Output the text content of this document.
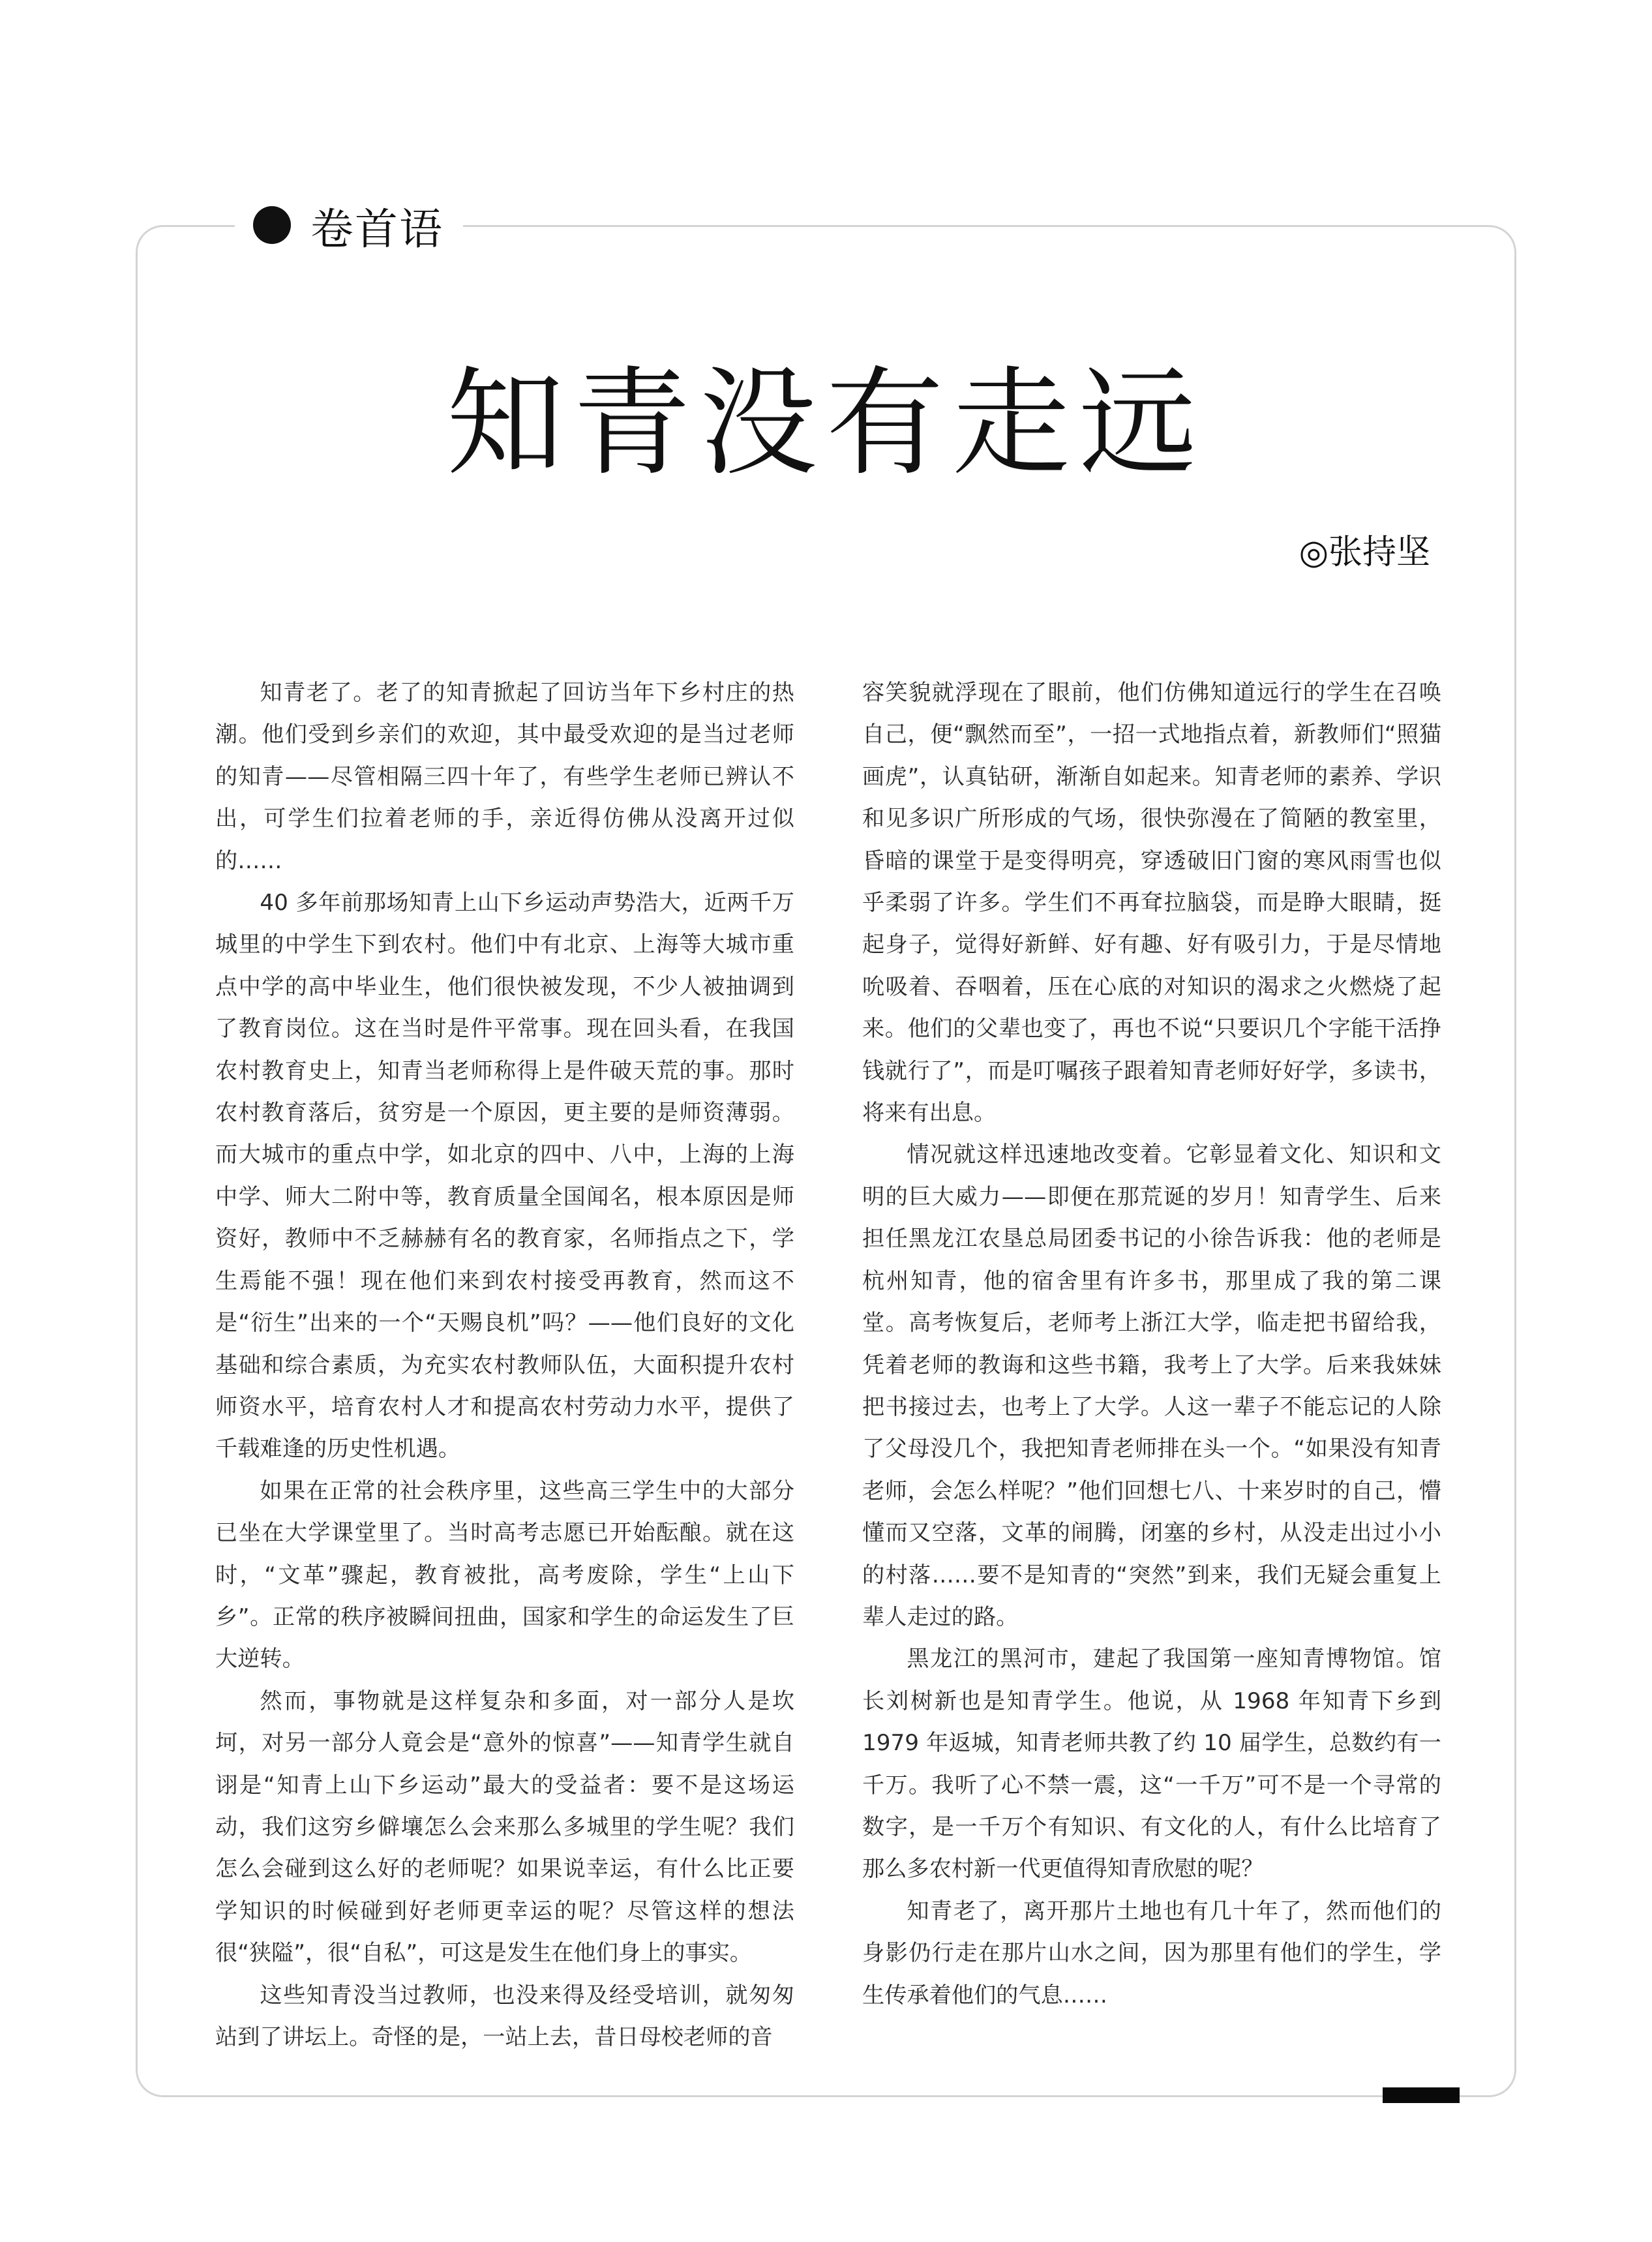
卷首语
知青没有走远
◎张持坚

知青老了。老了的知青掀起了回访当年下乡村庄的热潮。他们受到乡亲们的欢迎，其中最受欢迎的是当过老师的知青——尽管相隔三四十年了，有些学生老师已辨认不出，可学生们拉着老师的手，亲近得仿佛从没离开过似的……

40 多年前那场知青上山下乡运动声势浩大，近两千万城里的中学生下到农村。他们中有北京、上海等大城市重点中学的高中毕业生，他们很快被发现，不少人被抽调到了教育岗位。这在当时是件平常事。现在回头看，在我国农村教育史上，知青当老师称得上是件破天荒的事。那时农村教育落后，贫穷是一个原因，更主要的是师资薄弱。而大城市的重点中学，如北京的四中、八中，上海的上海中学、师大二附中等，教育质量全国闻名，根本原因是师资好，教师中不乏赫赫有名的教育家，名师指点之下，学生焉能不强！现在他们来到农村接受再教育，然而这不是“衍生”出来的一个“天赐良机”吗？——他们良好的文化基础和综合素质，为充实农村教师队伍，大面积提升农村师资水平，培育农村人才和提高农村劳动力水平，提供了千载难逢的历史性机遇。

如果在正常的社会秩序里，这些高三学生中的大部分已坐在大学课堂里了。当时高考志愿已开始酝酿。就在这时，“文革”骤起，教育被批，高考废除，学生“上山下乡”。正常的秩序被瞬间扭曲，国家和学生的命运发生了巨大逆转。

然而，事物就是这样复杂和多面，对一部分人是坎坷，对另一部分人竟会是“意外的惊喜”——知青学生就自诩是“知青上山下乡运动”最大的受益者：要不是这场运动，我们这穷乡僻壤怎么会来那么多城里的学生呢？我们怎么会碰到这么好的老师呢？如果说幸运，有什么比正要学知识的时候碰到好老师更幸运的呢？尽管这样的想法很“狭隘”，很“自私”，可这是发生在他们身上的事实。

这些知青没当过教师，也没来得及经受培训，就匆匆站到了讲坛上。奇怪的是，一站上去，昔日母校老师的音

容笑貌就浮现在了眼前，他们仿佛知道远行的学生在召唤自己，便“飘然而至”，一招一式地指点着，新教师们“照猫画虎”，认真钻研，渐渐自如起来。知青老师的素养、学识和见多识广所形成的气场，很快弥漫在了简陋的教室里，昏暗的课堂于是变得明亮，穿透破旧门窗的寒风雨雪也似乎柔弱了许多。学生们不再耷拉脑袋，而是睁大眼睛，挺起身子，觉得好新鲜、好有趣、好有吸引力，于是尽情地吮吸着、吞咽着，压在心底的对知识的渴求之火燃烧了起来。他们的父辈也变了，再也不说“只要识几个字能干活挣钱就行了”，而是叮嘱孩子跟着知青老师好好学，多读书，将来有出息。

情况就这样迅速地改变着。它彰显着文化、知识和文明的巨大威力——即便在那荒诞的岁月！知青学生、后来担任黑龙江农垦总局团委书记的小徐告诉我：他的老师是杭州知青，他的宿舍里有许多书，那里成了我的第二课堂。高考恢复后，老师考上浙江大学，临走把书留给我，凭着老师的教诲和这些书籍，我考上了大学。后来我妹妹把书接过去，也考上了大学。人这一辈子不能忘记的人除了父母没几个，我把知青老师排在头一个。“如果没有知青老师，会怎么样呢？”他们回想七八、十来岁时的自己，懵懂而又空落，文革的闹腾，闭塞的乡村，从没走出过小小的村落……要不是知青的“突然”到来，我们无疑会重复上辈人走过的路。

黑龙江的黑河市，建起了我国第一座知青博物馆。馆长刘树新也是知青学生。他说，从 1968 年知青下乡到 1979 年返城，知青老师共教了约 10 届学生，总数约有一千万。我听了心不禁一震，这“一千万”可不是一个寻常的数字，是一千万个有知识、有文化的人，有什么比培育了那么多农村新一代更值得知青欣慰的呢？

知青老了，离开那片土地也有几十年了，然而他们的身影仍行走在那片山水之间，因为那里有他们的学生，学生传承着他们的气息……
